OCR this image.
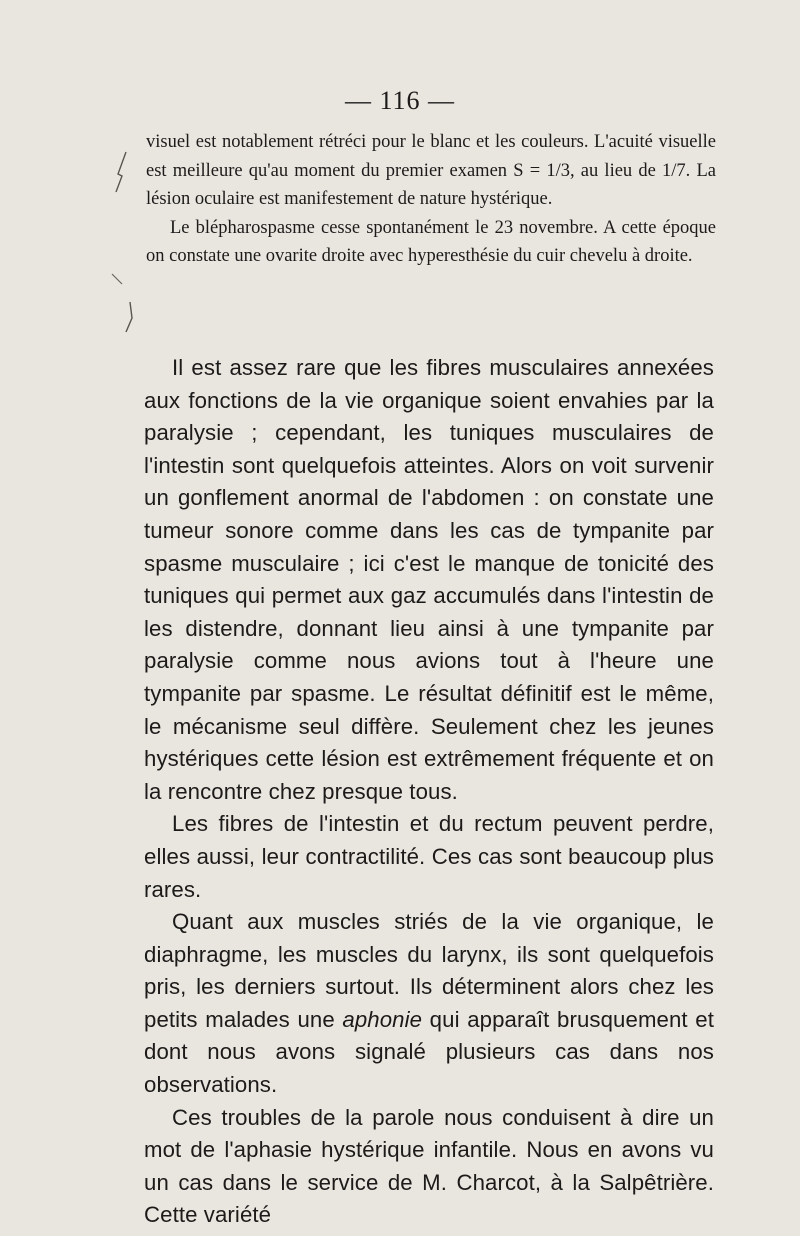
— 116 —

visuel est notablement rétréci pour le blanc et les couleurs. L'acuité visuelle est meilleure qu'au moment du premier examen S = 1/3, au lieu de 1/7. La lésion oculaire est manifestement de nature hystérique.

Le blépharospasme cesse spontanément le 23 novembre. A cette époque on constate une ovarite droite avec hyperesthésie du cuir chevelu à droite.

Il est assez rare que les fibres musculaires annexées aux fonctions de la vie organique soient envahies par la paralysie ; cependant, les tuniques musculaires de l'intestin sont quelquefois atteintes. Alors on voit survenir un gonflement anormal de l'abdomen : on constate une tumeur sonore comme dans les cas de tympanite par spasme musculaire ; ici c'est le manque de tonicité des tuniques qui permet aux gaz accumulés dans l'intestin de les distendre, donnant lieu ainsi à une tympanite par paralysie comme nous avions tout à l'heure une tympanite par spasme. Le résultat définitif est le même, le mécanisme seul diffère. Seulement chez les jeunes hystériques cette lésion est extrêmement fréquente et on la rencontre chez presque tous.

Les fibres de l'intestin et du rectum peuvent perdre, elles aussi, leur contractilité. Ces cas sont beaucoup plus rares.

Quant aux muscles striés de la vie organique, le diaphragme, les muscles du larynx, ils sont quelquefois pris, les derniers surtout. Ils déterminent alors chez les petits malades une aphonie qui apparaît brusquement et dont nous avons signalé plusieurs cas dans nos observations.

Ces troubles de la parole nous conduisent à dire un mot de l'aphasie hystérique infantile. Nous en avons vu un cas dans le service de M. Charcot, à la Salpêtrière. Cette variété
